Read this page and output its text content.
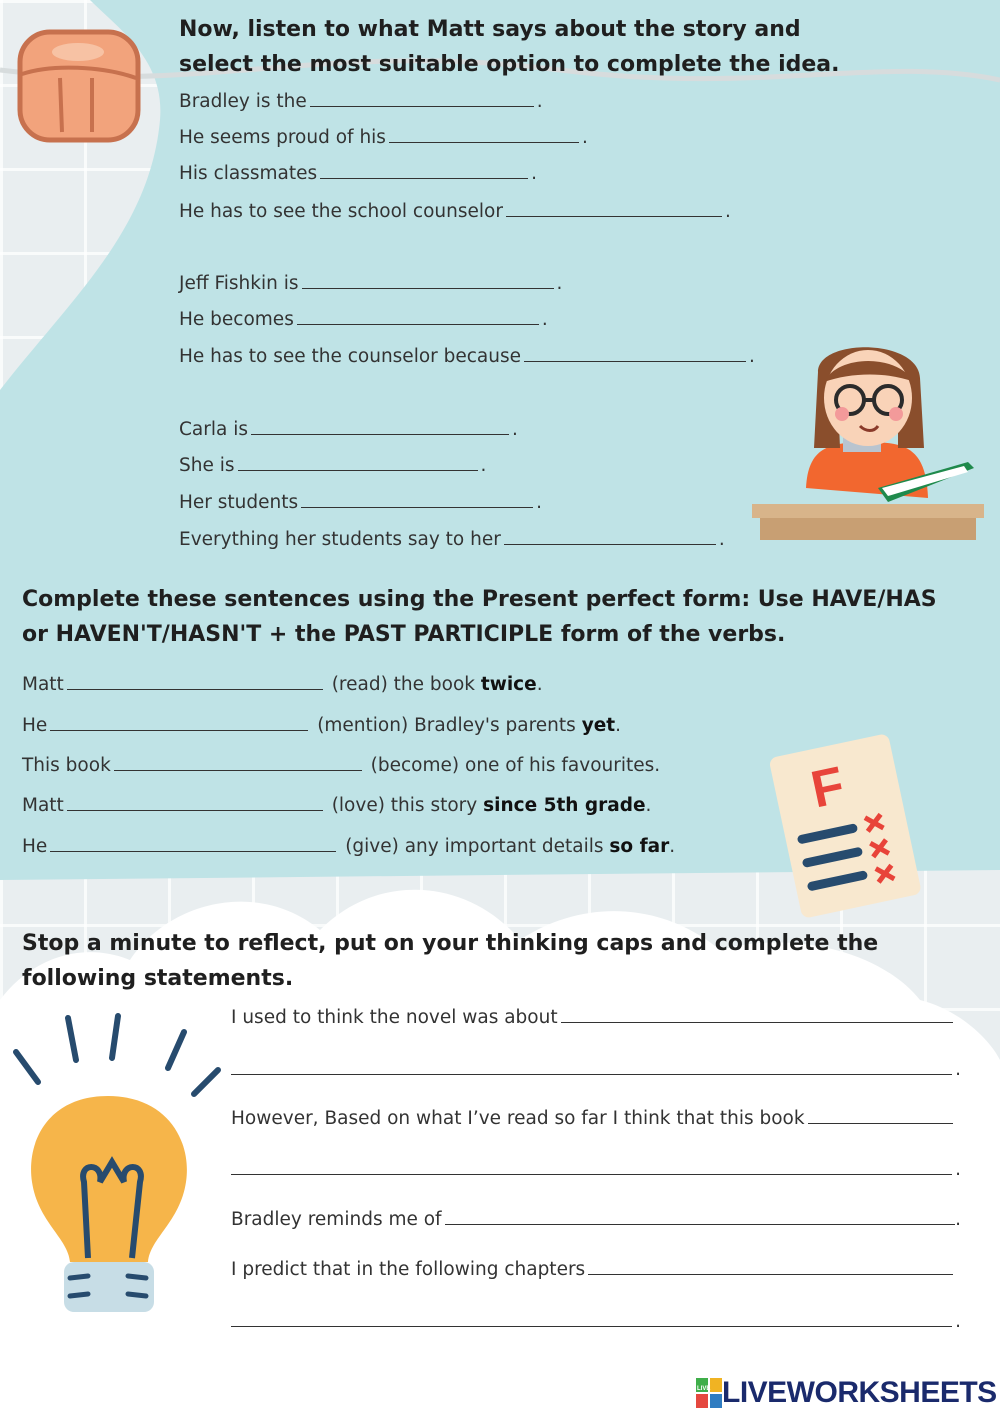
F
Now, listen to what Matt says about the story and
select the most suitable option to complete the idea.
Bradley is the	.
He seems proud of his	.
His classmates	.
He has to see the school counselor	.
Jeff Fishkin is	.
He becomes	.
He has to see the counselor because	.
Carla is	.
She is	.
Her students	.
Everything her students say to her	.
Complete these sentences using the Present perfect form: Use HAVE/HAS
or HAVEN'T/HASN'T + the PAST PARTICIPLE form of the verbs.
Matt	(read) the book twice.
He	(mention) Bradley's parents yet.
This book	(become) one of his favourites.
Matt	(love) this story since 5th grade.
He	(give) any important details so far.
Stop a minute to reflect, put on your thinking caps and complete the
following statements.
I used to think the novel was about
.
However, Based on what I’ve read so far I think that this book
.
Bradley reminds me of	.
I predict that in the following chapters
.
LIVE LIVEWORKSHEETS
